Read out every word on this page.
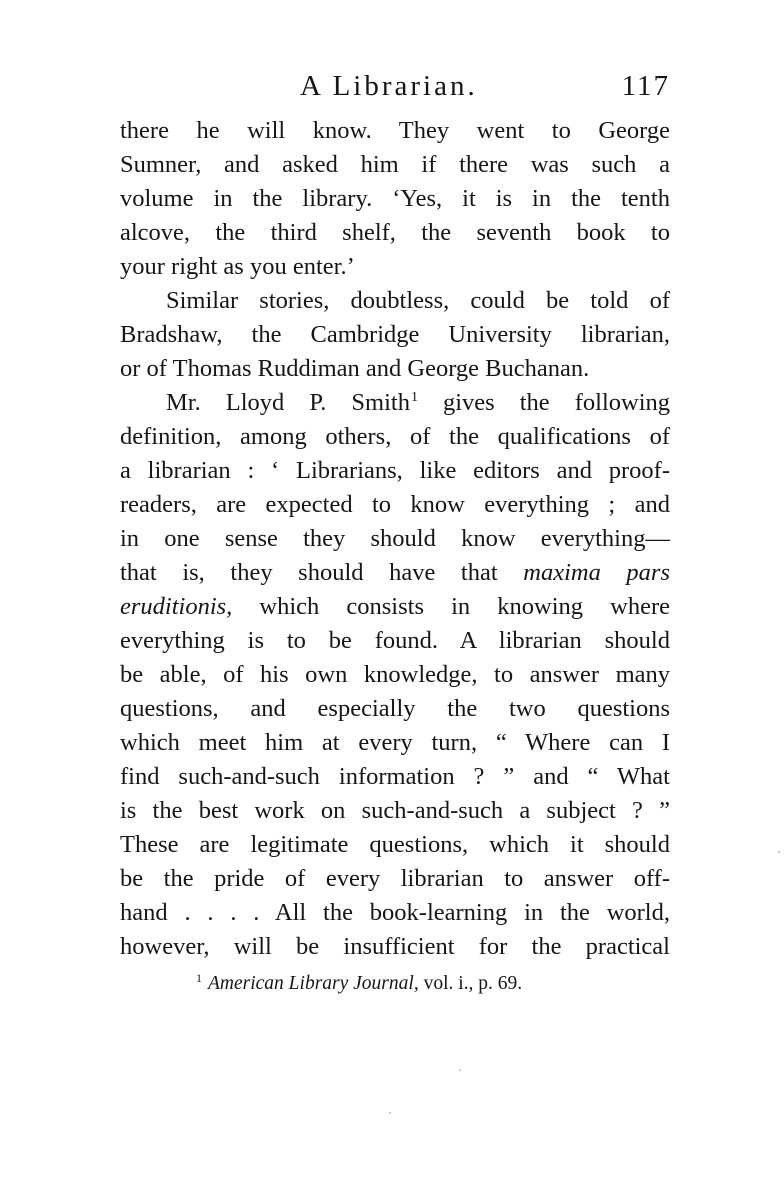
A Librarian.	117
there he will know. They went to George
Sumner, and asked him if there was such a
volume in the library. ‘Yes, it is in the tenth
alcove, the third shelf, the seventh book to
your right as you enter.’
Similar stories, doubtless, could be told of
Bradshaw, the Cambridge University librarian,
or of Thomas Ruddiman and George Buchanan.
Mr. Lloyd P. Smith$^1$ gives the following
definition, among others, of the qualifications of
a librarian : ‘ Librarians, like editors and proof-
readers, are expected to know everything ; and
in one sense they should know everything—
that is, they should have that maxima pars
eruditionis, which consists in knowing where
everything is to be found. A librarian should
be able, of his own knowledge, to answer many
questions, and especially the two questions
which meet him at every turn, “ Where can I
find such-and-such information ? ” and “ What
is the best work on such-and-such a subject ? ”
These are legitimate questions, which it should
be the pride of every librarian to answer off-
hand . . . . All the book-learning in the world,
however, will be insufficient for the practical
$^1$ American Library Journal, vol. i., p. 69.
